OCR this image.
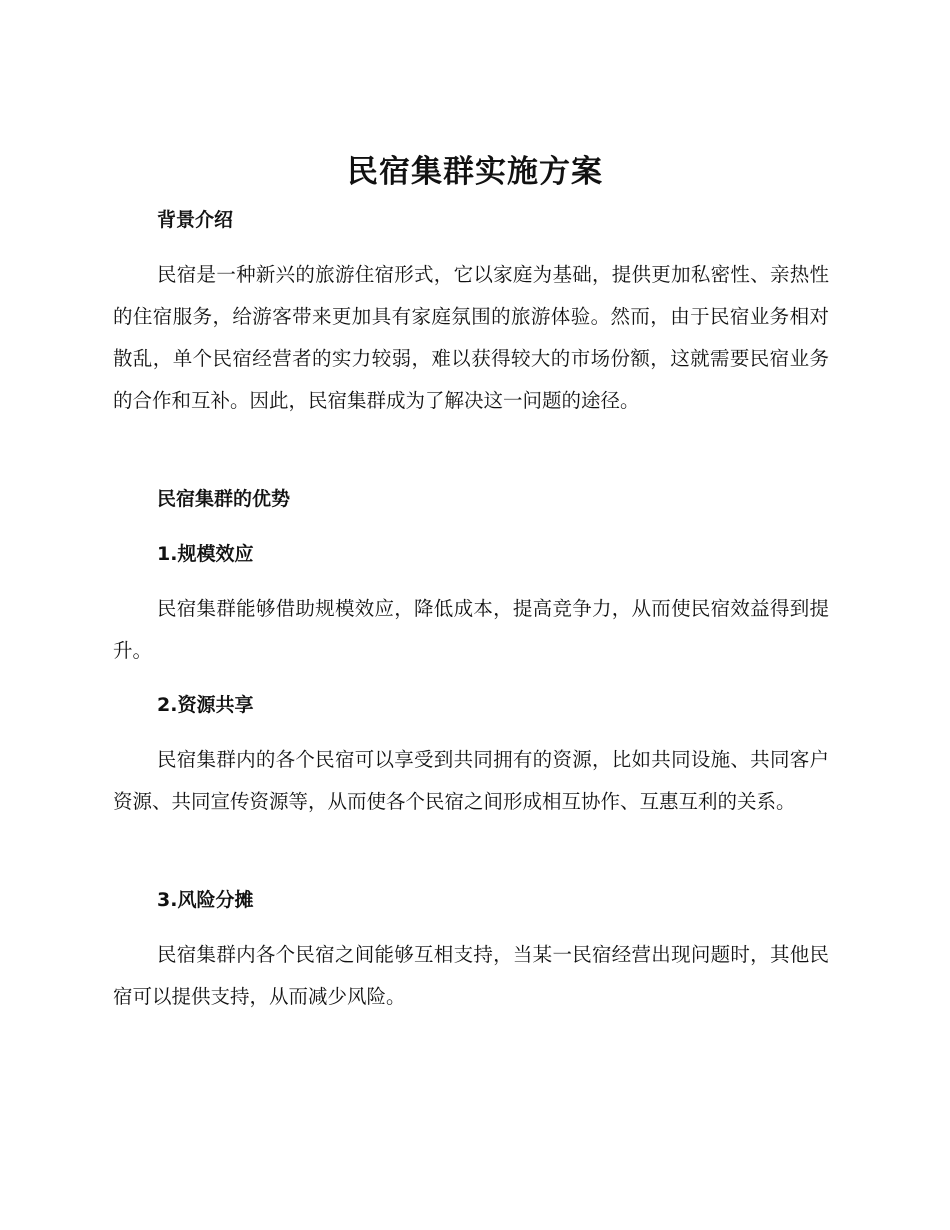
民宿集群实施方案
背景介绍

民宿是一种新兴的旅游住宿形式，它以家庭为基础，提供更加私密性、亲热性的住宿服务，给游客带来更加具有家庭氛围的旅游体验。然而，由于民宿业务相对散乱，单个民宿经营者的实力较弱，难以获得较大的市场份额，这就需要民宿业务的合作和互补。因此，民宿集群成为了解决这一问题的途径。

民宿集群的优势
1.规模效应

民宿集群能够借助规模效应，降低成本，提高竞争力，从而使民宿效益得到提升。

2.资源共享

民宿集群内的各个民宿可以享受到共同拥有的资源，比如共同设施、共同客户资源、共同宣传资源等，从而使各个民宿之间形成相互协作、互惠互利的关系。

3.风险分摊

民宿集群内各个民宿之间能够互相支持，当某一民宿经营出现问题时，其他民宿可以提供支持，从而减少风险。
